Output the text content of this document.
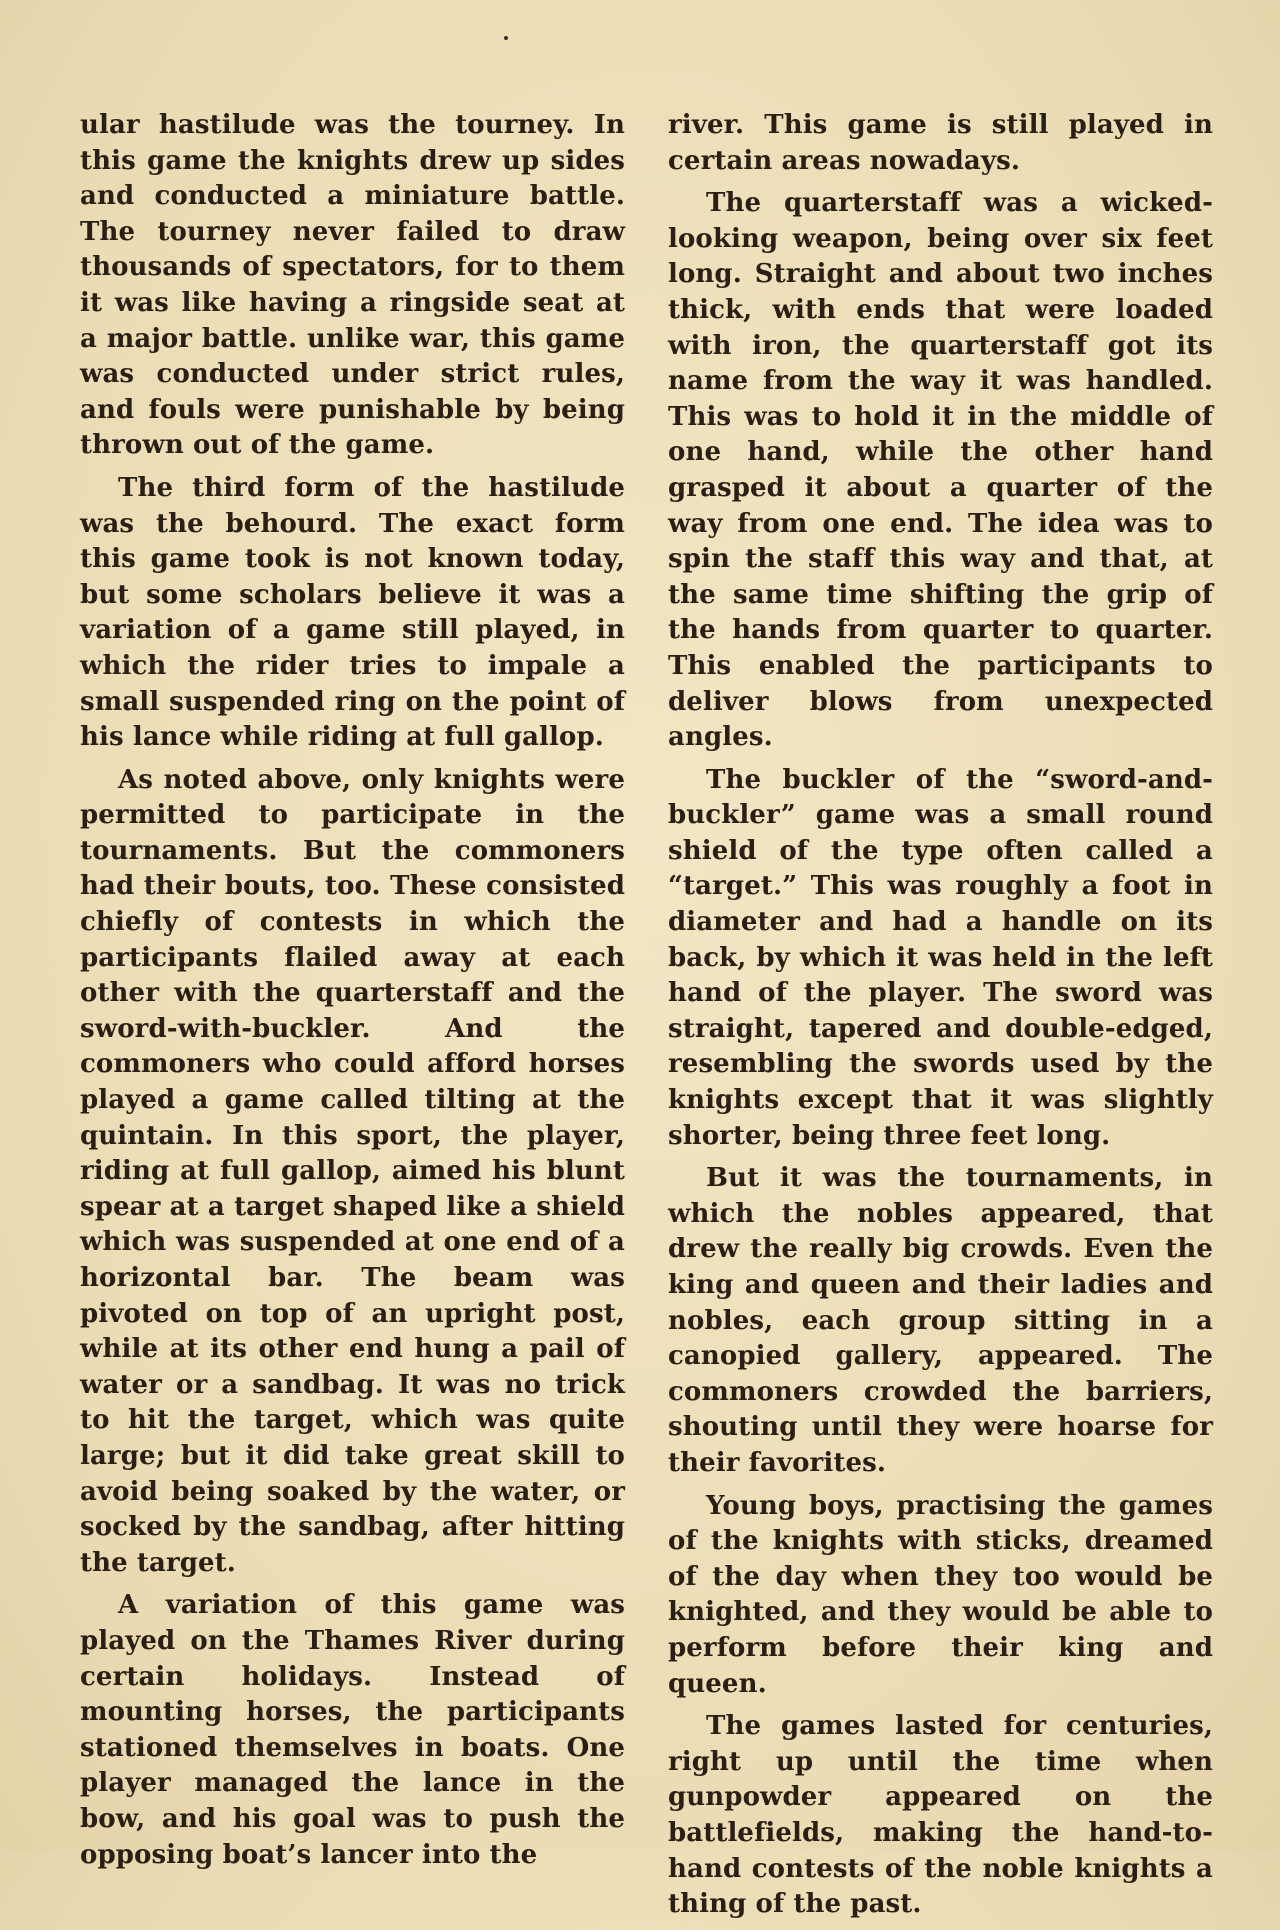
ular hastilude was the tourney. In this game the knights drew up sides and conducted a miniature battle. The tourney never failed to draw thousands of spectators, for to them it was like having a ringside seat at a major battle. unlike war, this game was conducted under strict rules, and fouls were punishable by being thrown out of the game.

The third form of the hastilude was the behourd. The exact form this game took is not known today, but some scholars believe it was a variation of a game still played, in which the rider tries to impale a small suspended ring on the point of his lance while riding at full gallop.

As noted above, only knights were permitted to participate in the tournaments. But the commoners had their bouts, too. These consisted chiefly of contests in which the participants flailed away at each other with the quarterstaff and the sword-with-buckler. And the commoners who could afford horses played a game called tilting at the quintain. In this sport, the player, riding at full gallop, aimed his blunt spear at a target shaped like a shield which was suspended at one end of a horizontal bar. The beam was pivoted on top of an upright post, while at its other end hung a pail of water or a sandbag. It was no trick to hit the target, which was quite large; but it did take great skill to avoid being soaked by the water, or socked by the sandbag, after hitting the target.

A variation of this game was played on the Thames River during certain holidays. Instead of mounting horses, the participants stationed themselves in boats. One player managed the lance in the bow, and his goal was to push the opposing boat’s lancer into the

river. This game is still played in certain areas nowadays.

The quarterstaff was a wicked-looking weapon, being over six feet long. Straight and about two inches thick, with ends that were loaded with iron, the quarterstaff got its name from the way it was handled. This was to hold it in the middle of one hand, while the other hand grasped it about a quarter of the way from one end. The idea was to spin the staff this way and that, at the same time shifting the grip of the hands from quarter to quarter. This enabled the participants to deliver blows from unexpected angles.

The buckler of the “sword-and-buckler” game was a small round shield of the type often called a “target.” This was roughly a foot in diameter and had a handle on its back, by which it was held in the left hand of the player. The sword was straight, tapered and double-edged, resembling the swords used by the knights except that it was slightly shorter, being three feet long.

But it was the tournaments, in which the nobles appeared, that drew the really big crowds. Even the king and queen and their ladies and nobles, each group sitting in a canopied gallery, appeared. The commoners crowded the barriers, shouting until they were hoarse for their favorites.

Young boys, practising the games of the knights with sticks, dreamed of the day when they too would be knighted, and they would be able to perform before their king and queen.

The games lasted for centuries, right up until the time when gunpowder appeared on the battlefields, making the hand-to-hand contests of the noble knights a thing of the past.
